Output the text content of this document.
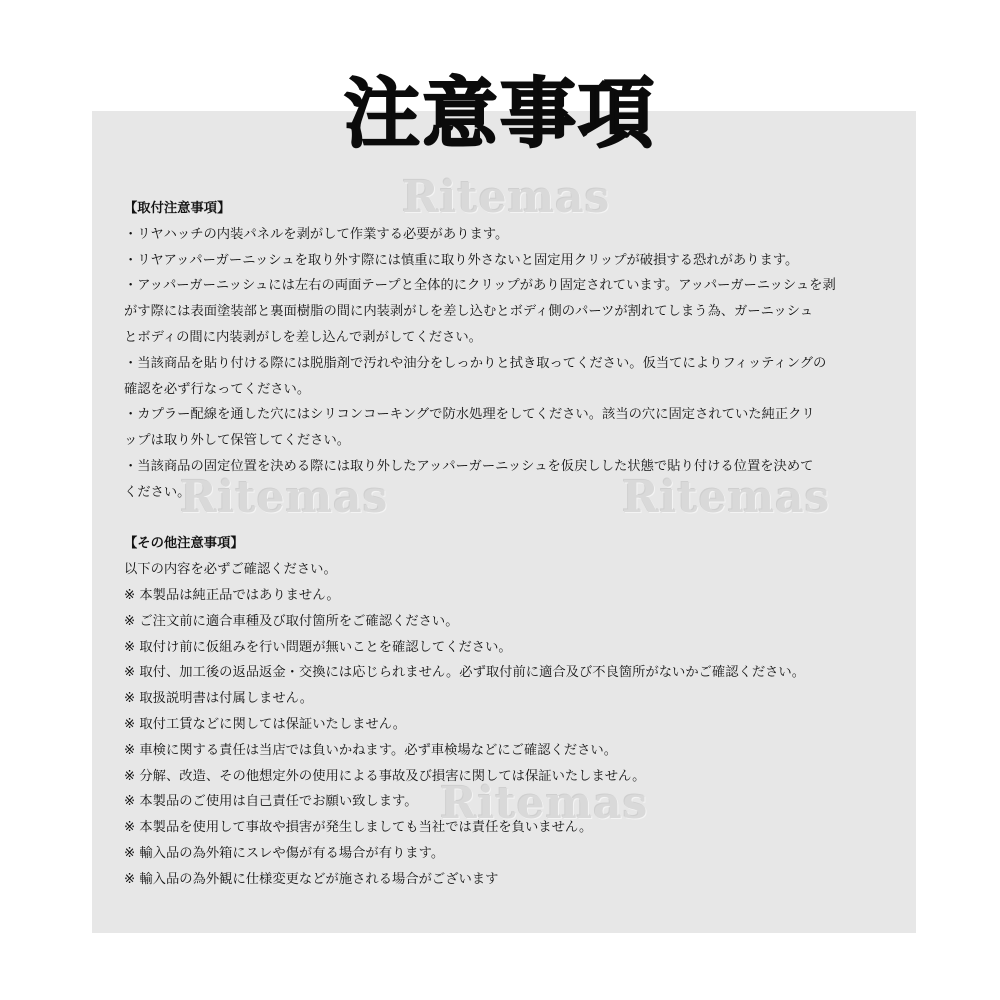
注意事項
Ritemas
Ritemas	Ritemas
Ritemas

【取付注意事項】

・リヤハッチの内装パネルを剥がして作業する必要があります。

・リヤアッパーガーニッシュを取り外す際には慎重に取り外さないと固定用クリップが破損する恐れがあります。

・アッパーガーニッシュには左右の両面テープと全体的にクリップがあり固定されています。アッパーガーニッシュを剥

がす際には表面塗装部と裏面樹脂の間に内装剥がしを差し込むとボディ側のパーツが割れてしまう為、ガーニッシュ

とボディの間に内装剥がしを差し込んで剥がしてください。

・当該商品を貼り付ける際には脱脂剤で汚れや油分をしっかりと拭き取ってください。仮当てによりフィッティングの

確認を必ず行なってください。

・カプラー配線を通した穴にはシリコンコーキングで防水処理をしてください。該当の穴に固定されていた純正クリ

ップは取り外して保管してください。

・当該商品の固定位置を決める際には取り外したアッパーガーニッシュを仮戻しした状態で貼り付ける位置を決めて

ください。

【その他注意事項】

以下の内容を必ずご確認ください。

※ 本製品は純正品ではありません。

※ ご注文前に適合車種及び取付箇所をご確認ください。

※ 取付け前に仮組みを行い問題が無いことを確認してください。

※ 取付、加工後の返品返金・交換には応じられません。必ず取付前に適合及び不良箇所がないかご確認ください。

※ 取扱説明書は付属しません。

※ 取付工賃などに関しては保証いたしません。

※ 車検に関する責任は当店では負いかねます。必ず車検場などにご確認ください。

※ 分解、改造、その他想定外の使用による事故及び損害に関しては保証いたしません。

※ 本製品のご使用は自己責任でお願い致します。

※ 本製品を使用して事故や損害が発生しましても当社では責任を負いません。

※ 輸入品の為外箱にスレや傷が有る場合が有ります。

※ 輸入品の為外観に仕様変更などが施される場合がございます
